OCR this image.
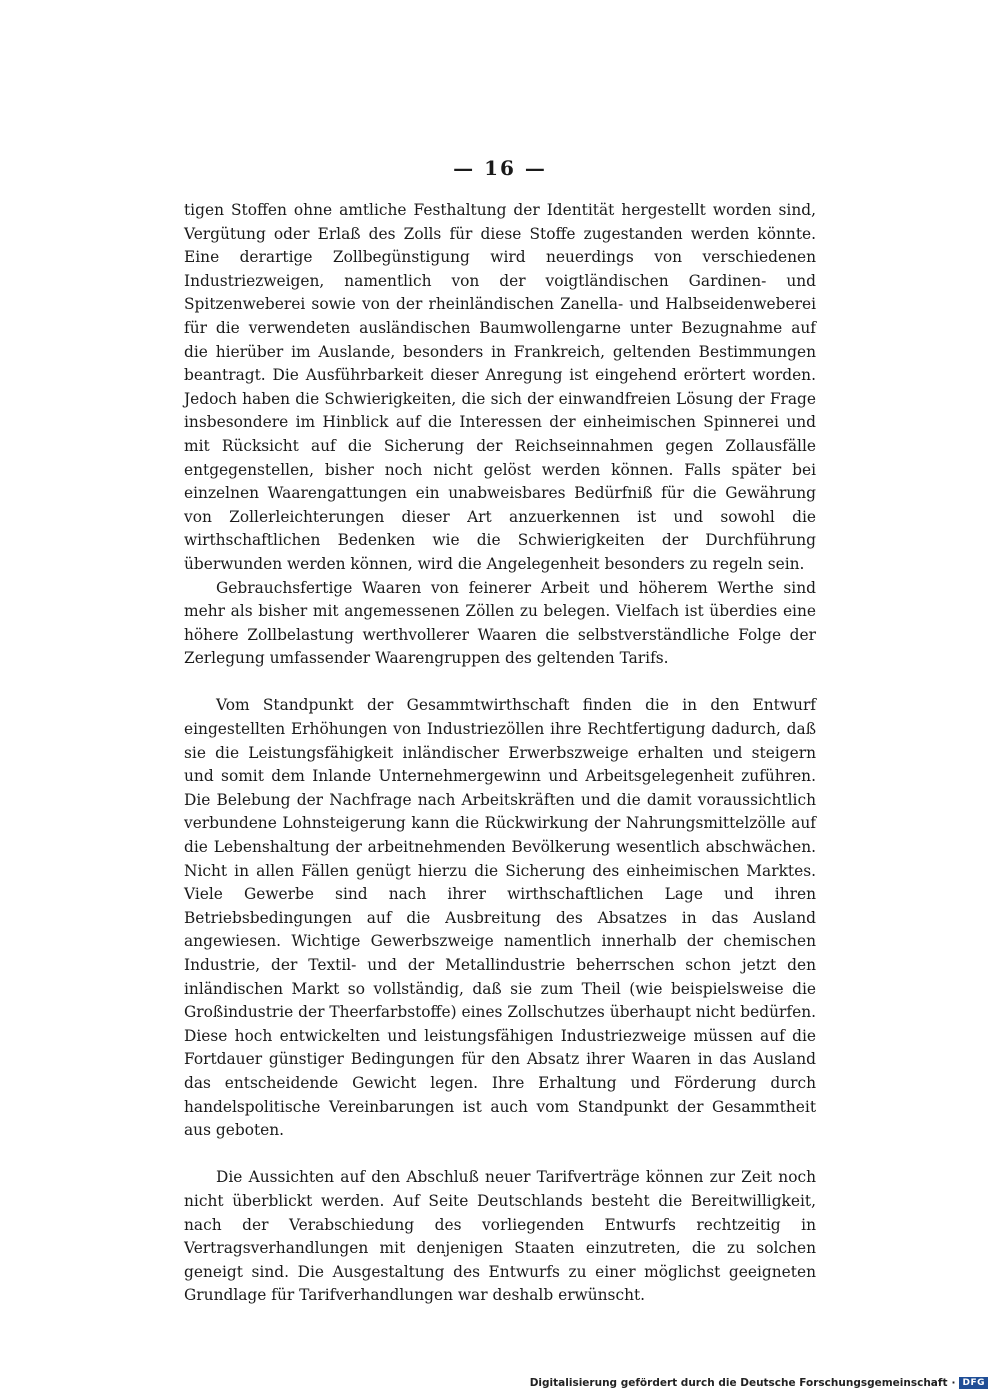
— 16 —

tigen Stoffen ohne amtliche Festhaltung der Identität hergestellt worden sind, Vergütung oder Erlaß des Zolls für diese Stoffe zugestanden werden könnte. Eine derartige Zollbegünstigung wird neuerdings von verschiedenen Industriezweigen, namentlich von der voigtländischen Gardinen- und Spitzenweberei sowie von der rheinländischen Zanella- und Halbseidenweberei für die verwendeten ausländischen Baumwollengarne unter Bezugnahme auf die hierüber im Auslande, besonders in Frankreich, geltenden Bestimmungen beantragt. Die Ausführbarkeit dieser Anregung ist eingehend erörtert worden. Jedoch haben die Schwierigkeiten, die sich der einwandfreien Lösung der Frage insbesondere im Hinblick auf die Interessen der einheimischen Spinnerei und mit Rücksicht auf die Sicherung der Reichseinnahmen gegen Zollausfälle entgegenstellen, bisher noch nicht gelöst werden können. Falls später bei einzelnen Waarengattungen ein unabweisbares Bedürfniß für die Gewährung von Zollerleichterungen dieser Art anzuerkennen ist und sowohl die wirthschaftlichen Bedenken wie die Schwierigkeiten der Durchführung überwunden werden können, wird die Angelegenheit besonders zu regeln sein.

Gebrauchsfertige Waaren von feinerer Arbeit und höherem Werthe sind mehr als bisher mit angemessenen Zöllen zu belegen. Vielfach ist überdies eine höhere Zollbelastung werthvollerer Waaren die selbstverständliche Folge der Zerlegung umfassender Waarengruppen des geltenden Tarifs.

Vom Standpunkt der Gesammtwirthschaft finden die in den Entwurf eingestellten Erhöhungen von Industriezöllen ihre Rechtfertigung dadurch, daß sie die Leistungsfähigkeit inländischer Erwerbszweige erhalten und steigern und somit dem Inlande Unternehmergewinn und Arbeitsgelegenheit zuführen. Die Belebung der Nachfrage nach Arbeitskräften und die damit voraussichtlich verbundene Lohnsteigerung kann die Rückwirkung der Nahrungsmittelzölle auf die Lebenshaltung der arbeitnehmenden Bevölkerung wesentlich abschwächen. Nicht in allen Fällen genügt hierzu die Sicherung des einheimischen Marktes. Viele Gewerbe sind nach ihrer wirthschaftlichen Lage und ihren Betriebsbedingungen auf die Ausbreitung des Absatzes in das Ausland angewiesen. Wichtige Gewerbszweige namentlich innerhalb der chemischen Industrie, der Textil- und der Metallindustrie beherrschen schon jetzt den inländischen Markt so vollständig, daß sie zum Theil (wie beispielsweise die Großindustrie der Theerfarbstoffe) eines Zollschutzes überhaupt nicht bedürfen. Diese hoch entwickelten und leistungsfähigen Industriezweige müssen auf die Fortdauer günstiger Bedingungen für den Absatz ihrer Waaren in das Ausland das entscheidende Gewicht legen. Ihre Erhaltung und Förderung durch handelspolitische Vereinbarungen ist auch vom Standpunkt der Gesammtheit aus geboten.

Die Aussichten auf den Abschluß neuer Tarifverträge können zur Zeit noch nicht überblickt werden. Auf Seite Deutschlands besteht die Bereitwilligkeit, nach der Verabschiedung des vorliegenden Entwurfs rechtzeitig in Vertragsverhandlungen mit denjenigen Staaten einzutreten, die zu solchen geneigt sind. Die Ausgestaltung des Entwurfs zu einer möglichst geeigneten Grundlage für Tarifverhandlungen war deshalb erwünscht.

Digitalisierung gefördert durch die Deutsche Forschungsgemeinschaft · DFG
